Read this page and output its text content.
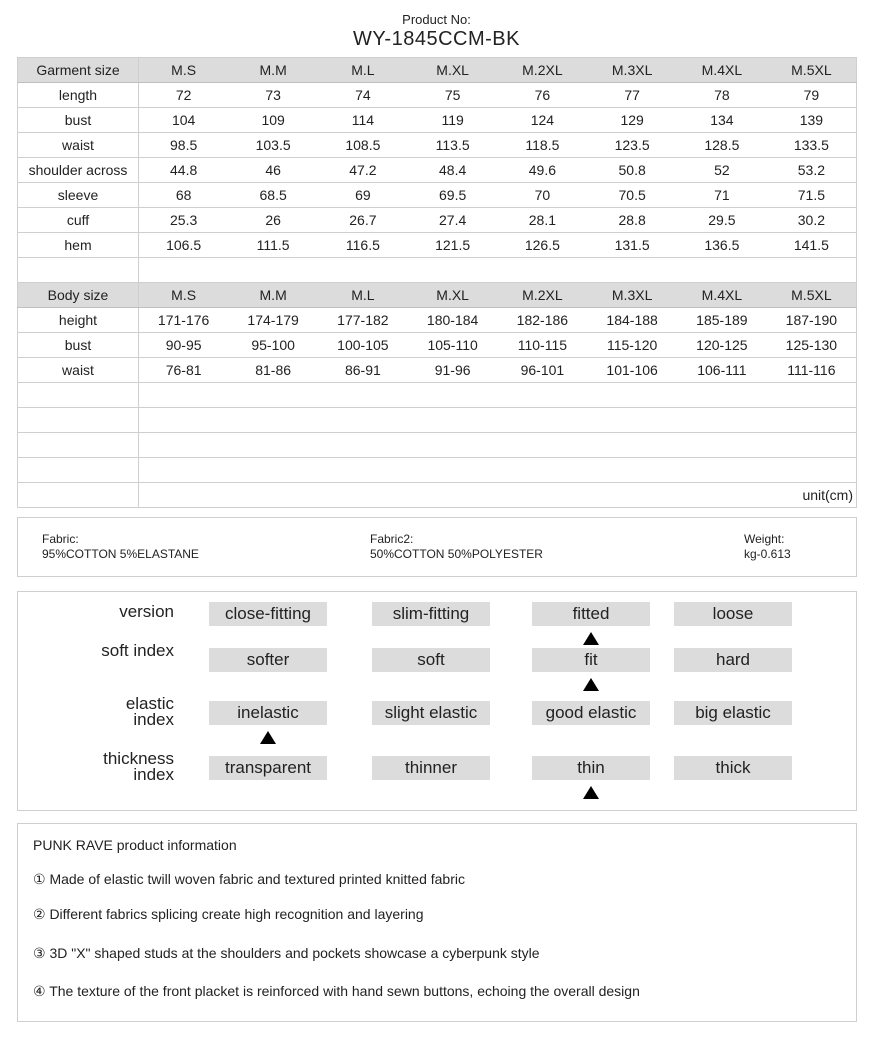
Product No:
WY-1845CCM-BK
Garment size	M.S	M.M	M.L	M.XL	M.2XL	M.3XL	M.4XL	M.5XL
length	72	73	74	75	76	77	78	79
bust	104	109	114	119	124	129	134	139
waist	98.5	103.5	108.5	113.5	118.5	123.5	128.5	133.5
shoulder across	44.8	46	47.2	48.4	49.6	50.8	52	53.2
sleeve	68	68.5	69	69.5	70	70.5	71	71.5
cuff	25.3	26	26.7	27.4	28.1	28.8	29.5	30.2
hem	106.5	111.5	116.5	121.5	126.5	131.5	136.5	141.5

Body size	M.S	M.M	M.L	M.XL	M.2XL	M.3XL	M.4XL	M.5XL
height	171-176	174-179	177-182	180-184	182-186	184-188	185-189	187-190
bust	90-95	95-100	100-105	105-110	110-115	115-120	120-125	125-130
waist	76-81	81-86	86-91	91-96	96-101	101-106	106-111	111-116

	unit(cm)							
Fabric:
95%COTTON 5%ELASTANE
Fabric2:
50%COTTON 50%POLYESTER
Weight:
kg-0.613
version	close-fitting	slim-fitting	fitted	loose
soft index	softer	soft	fit	hard
elastic index	inelastic	slight elastic	good elastic	big elastic
thickness index	transparent	thinner	thin	thick
PUNK RAVE product information
① Made of elastic twill woven fabric and textured printed knitted fabric
② Different fabrics splicing create high recognition and layering
③ 3D "X" shaped studs at the shoulders and pockets showcase a cyberpunk style
④ The texture of the front placket is reinforced with hand sewn buttons, echoing the overall design
